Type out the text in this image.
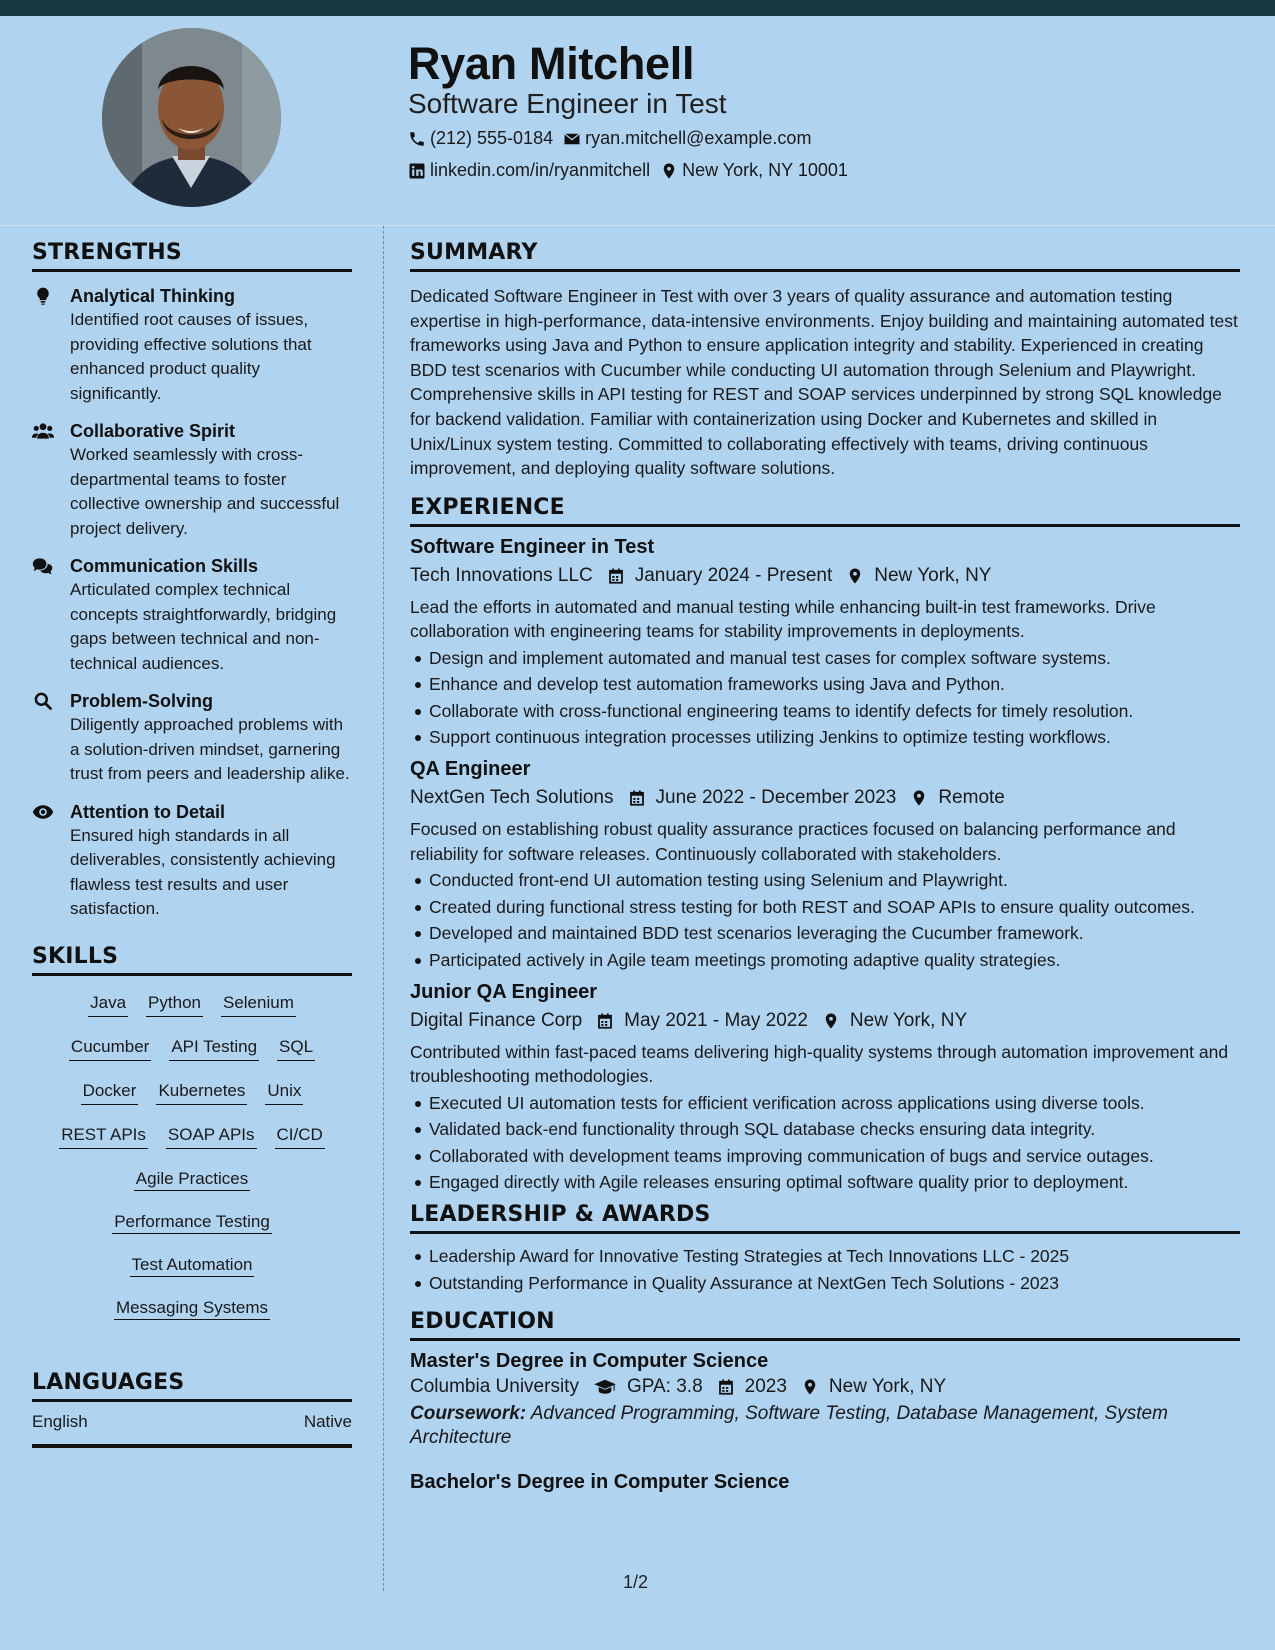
Ryan Mitchell
Software Engineer in Test
(212) 555-0184 ryan.mitchell@example.com
linkedin.com/in/ryanmitchell New York, NY 10001
STRENGTHS
Analytical Thinking
Identified root causes of issues, providing effective solutions that enhanced product quality significantly.
Collaborative Spirit
Worked seamlessly with cross-departmental teams to foster collective ownership and successful project delivery.
Communication Skills
Articulated complex technical concepts straightforwardly, bridging gaps between technical and non-technical audiences.
Problem-Solving
Diligently approached problems with a solution-driven mindset, garnering trust from peers and leadership alike.
Attention to Detail
Ensured high standards in all deliverables, consistently achieving flawless test results and user satisfaction.
SKILLS
Java Python Selenium
Cucumber API Testing SQL
Docker Kubernetes Unix
REST APIs SOAP APIs CI/CD
Agile Practices
Performance Testing
Test Automation
Messaging Systems
LANGUAGES
English	Native
SUMMARY
Dedicated Software Engineer in Test with over 3 years of quality assurance and automation testing expertise in high-performance, data-intensive environments. Enjoy building and maintaining automated test frameworks using Java and Python to ensure application integrity and stability. Experienced in creating BDD test scenarios with Cucumber while conducting UI automation through Selenium and Playwright. Comprehensive skills in API testing for REST and SOAP services underpinned by strong SQL knowledge for backend validation. Familiar with containerization using Docker and Kubernetes and skilled in Unix/Linux system testing. Committed to collaborating effectively with teams, driving continuous improvement, and deploying quality software solutions.
EXPERIENCE
Software Engineer in Test
Tech Innovations LLC January 2024 - Present New York, NY
Lead the efforts in automated and manual testing while enhancing built-in test frameworks. Drive collaboration with engineering teams for stability improvements in deployments.
Design and implement automated and manual test cases for complex software systems.
Enhance and develop test automation frameworks using Java and Python.
Collaborate with cross-functional engineering teams to identify defects for timely resolution.
Support continuous integration processes utilizing Jenkins to optimize testing workflows.
QA Engineer
NextGen Tech Solutions June 2022 - December 2023 Remote
Focused on establishing robust quality assurance practices focused on balancing performance and reliability for software releases. Continuously collaborated with stakeholders.
Conducted front-end UI automation testing using Selenium and Playwright.
Created during functional stress testing for both REST and SOAP APIs to ensure quality outcomes.
Developed and maintained BDD test scenarios leveraging the Cucumber framework.
Participated actively in Agile team meetings promoting adaptive quality strategies.
Junior QA Engineer
Digital Finance Corp May 2021 - May 2022 New York, NY
Contributed within fast-paced teams delivering high-quality systems through automation improvement and troubleshooting methodologies.
Executed UI automation tests for efficient verification across applications using diverse tools.
Validated back-end functionality through SQL database checks ensuring data integrity.
Collaborated with development teams improving communication of bugs and service outages.
Engaged directly with Agile releases ensuring optimal software quality prior to deployment.
LEADERSHIP & AWARDS
Leadership Award for Innovative Testing Strategies at Tech Innovations LLC - 2025
Outstanding Performance in Quality Assurance at NextGen Tech Solutions - 2023
EDUCATION
Master's Degree in Computer Science
Columbia University	GPA: 3.8 2023 New York, NY
Coursework: Advanced Programming, Software Testing, Database Management, System Architecture
Bachelor's Degree in Computer Science
1/2
